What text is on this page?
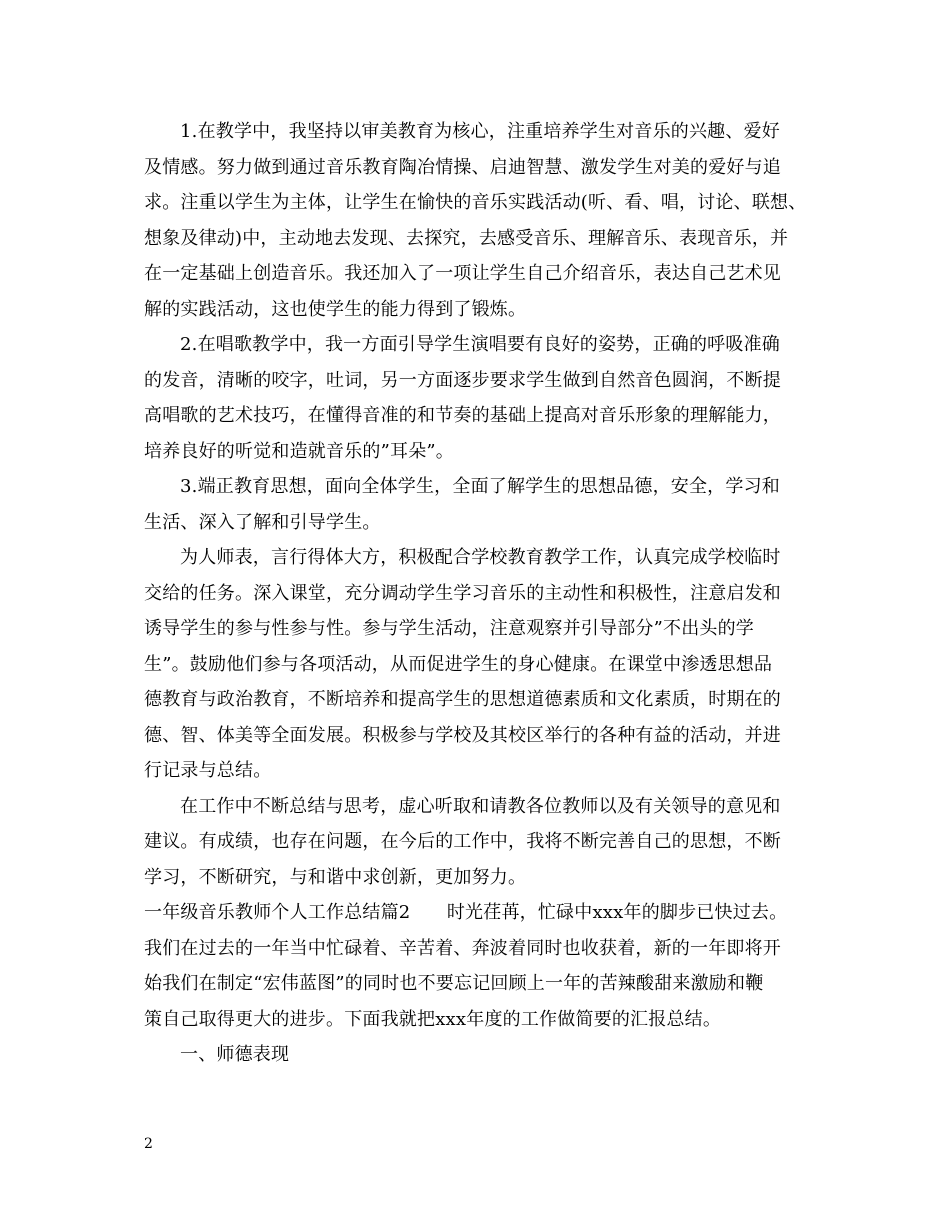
1.在教学中，我坚持以审美教育为核心，注重培养学生对音乐的兴趣、爱好
及情感。努力做到通过音乐教育陶冶情操、启迪智慧、激发学生对美的爱好与追
求。注重以学生为主体，让学生在愉快的音乐实践活动(听、看、唱，讨论、联想、
想象及律动)中，主动地去发现、去探究，去感受音乐、理解音乐、表现音乐，并
在一定基础上创造音乐。我还加入了一项让学生自己介绍音乐，表达自己艺术见
解的实践活动，这也使学生的能力得到了锻炼。
2.在唱歌教学中，我一方面引导学生演唱要有良好的姿势，正确的呼吸准确
的发音，清晰的咬字，吐词，另一方面逐步要求学生做到自然音色圆润，不断提
高唱歌的艺术技巧，在懂得音准的和节奏的基础上提高对音乐形象的理解能力，
培养良好的听觉和造就音乐的”耳朵”。
3.端正教育思想，面向全体学生，全面了解学生的思想品德，安全，学习和
生活、深入了解和引导学生。
为人师表，言行得体大方，积极配合学校教育教学工作，认真完成学校临时
交给的任务。深入课堂，充分调动学生学习音乐的主动性和积极性，注意启发和
诱导学生的参与性参与性。参与学生活动，注意观察并引导部分”不出头的学
生”。鼓励他们参与各项活动，从而促进学生的身心健康。在课堂中渗透思想品
德教育与政治教育，不断培养和提高学生的思想道德素质和文化素质，时期在的
德、智、体美等全面发展。积极参与学校及其校区举行的各种有益的活动，并进
行记录与总结。
在工作中不断总结与思考，虚心听取和请教各位教师以及有关领导的意见和
建议。有成绩，也存在问题，在今后的工作中，我将不断完善自己的思想，不断
学习，不断研究，与和谐中求创新，更加努力。
一年级音乐教师个人工作总结篇2　　时光荏苒，忙碌中xxx年的脚步已快过去。
我们在过去的一年当中忙碌着、辛苦着、奔波着同时也收获着，新的一年即将开
始我们在制定“宏伟蓝图”的同时也不要忘记回顾上一年的苦辣酸甜来激励和鞭
策自己取得更大的进步。下面我就把xxx年度的工作做简要的汇报总结。
一、师德表现
2
